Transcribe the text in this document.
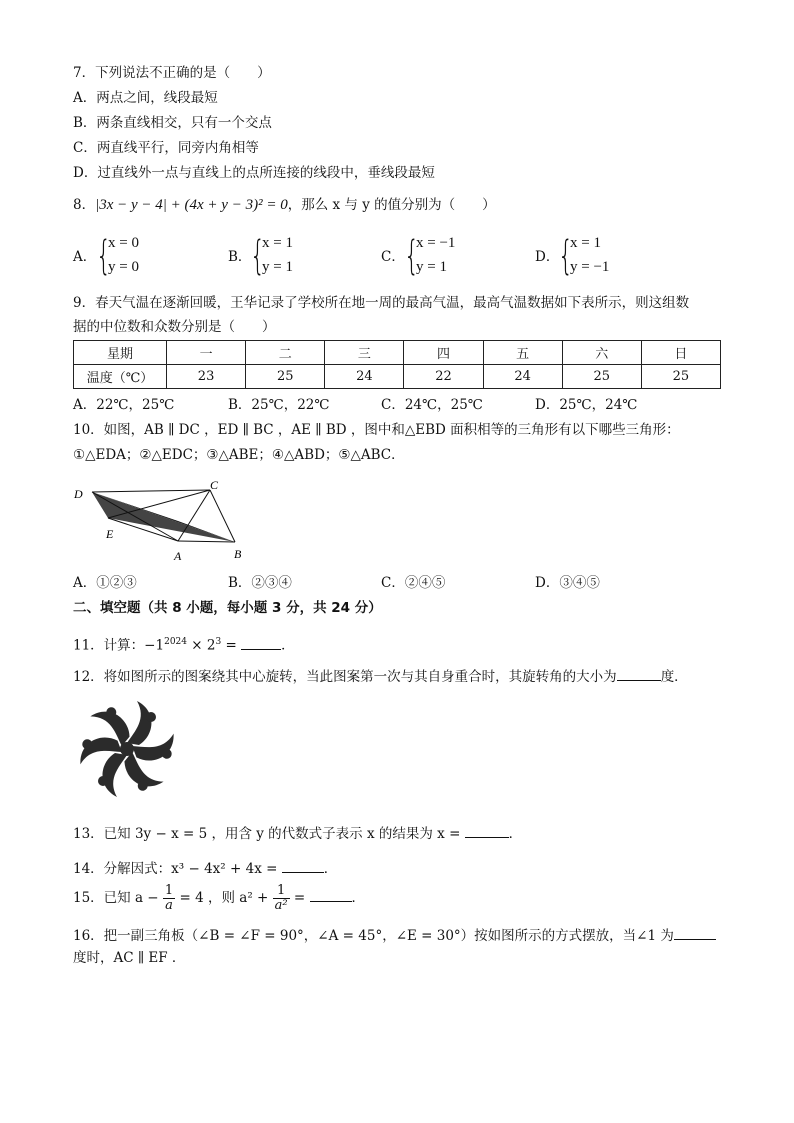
7．下列说法不正确的是（　　）
A．两点之间，线段最短
B．两条直线相交，只有一个交点
C．两直线平行，同旁内角相等
D．过直线外一点与直线上的点所连接的线段中，垂线段最短
8．|3x − y − 4| + (4x + y − 3)² = 0，那么 x 与 y 的值分别为（　　）
A． {
x = 0
y = 0
B．
{
x = 1
y = 1
C． {
x = −1
y = 1
D．
{
x = 1
y = −1
9．春天气温在逐渐回暖，王华记录了学校所在地一周的最高气温，最高气温数据如下表所示，则这组数
据的中位数和众数分别是（　　）
星期	一	二	三	四	五	六	日
温度（℃）	23	25	24	22	24	25	25
A．22℃，25℃	B．25℃，22℃	C．24℃，25℃	D．25℃，24℃
10．如图，AB ∥ DC ，ED ∥ BC ，AE ∥ BD ，图中和△EBD 面积相等的三角形有以下哪些三角形：
①△EDA；②△EDC；③△ABE；④△ABD；⑤△ABC．
D
C
E
A	B
A．①②③	B．②③④	C．②④⑤	D．③④⑤
二、填空题（共 8 小题，每小题 3 分，共 24 分）
11．计算：$-1^{2024} \times 2^3$ =	．
12．将如图所示的图案绕其中心旋转，当此图案第一次与其自身重合时，其旋转角的大小为	度．
13．已知 3y − x = 5 ，用含 y 的代数式子表示 x 的结果为 x =	．
14．分解因式：x³ − 4x² + 4x =	．
15．已知 $a - \frac{1}{a} = 4$ ，则 $a^2 + \frac{1}{\text{a²}}$ =	．
16．把一副三角板（∠B = ∠F = 90°，∠A = 45°，∠E = 30°）按如图所示的方式摆放，当∠1 为
度时，AC ∥ EF ．
